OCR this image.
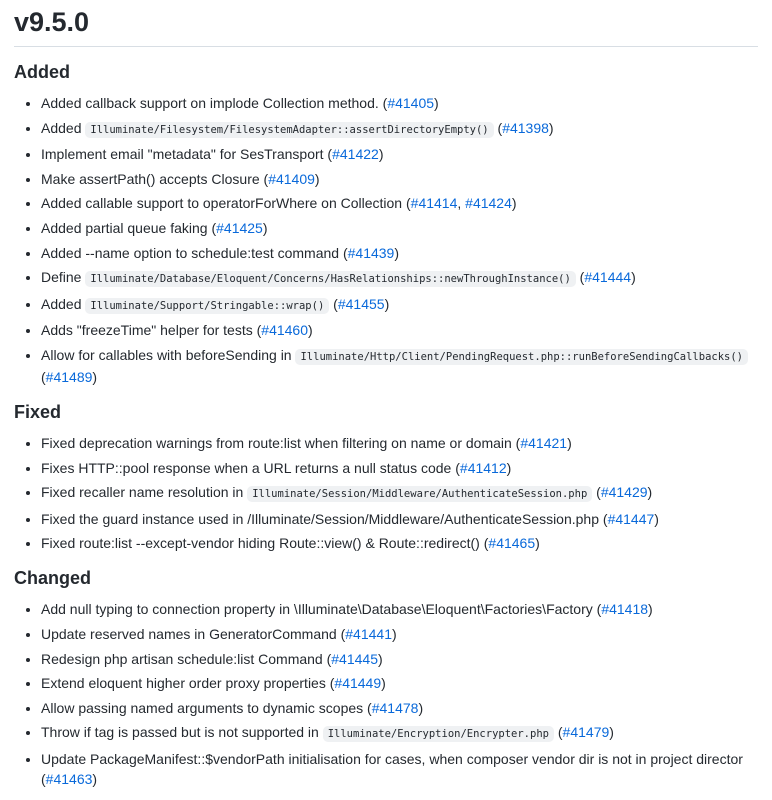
v9.5.0
Added
• Added callback support on implode Collection method. (#41405)
• Added Illuminate/Filesystem/FilesystemAdapter::assertDirectoryEmpty() (#41398)
• Implement email "metadata" for SesTransport (#41422)
• Make assertPath() accepts Closure (#41409)
• Added callable support to operatorForWhere on Collection (#41414, #41424)
• Added partial queue faking (#41425)
• Added --name option to schedule:test command (#41439)
• Define Illuminate/Database/Eloquent/Concerns/HasRelationships::newThroughInstance() (#41444)
• Added Illuminate/Support/Stringable::wrap() (#41455)
• Adds "freezeTime" helper for tests (#41460)
• Allow for callables with beforeSending in Illuminate/Http/Client/PendingRequest.php::runBeforeSendingCallbacks() (#41489)
Fixed
• Fixed deprecation warnings from route:list when filtering on name or domain (#41421)
• Fixes HTTP::pool response when a URL returns a null status code (#41412)
• Fixed recaller name resolution in Illuminate/Session/Middleware/AuthenticateSession.php (#41429)
• Fixed the guard instance used in /Illuminate/Session/Middleware/AuthenticateSession.php (#41447)
• Fixed route:list --except-vendor hiding Route::view() & Route::redirect() (#41465)
Changed
• Add null typing to connection property in \Illuminate\Database\Eloquent\Factories\Factory (#41418)
• Update reserved names in GeneratorCommand (#41441)
• Redesign php artisan schedule:list Command (#41445)
• Extend eloquent higher order proxy properties (#41449)
• Allow passing named arguments to dynamic scopes (#41478)
• Throw if tag is passed but is not supported in Illuminate/Encryption/Encrypter.php (#41479)
• Update PackageManifest::$vendorPath initialisation for cases, when composer vendor dir is not in project director (#41463)
